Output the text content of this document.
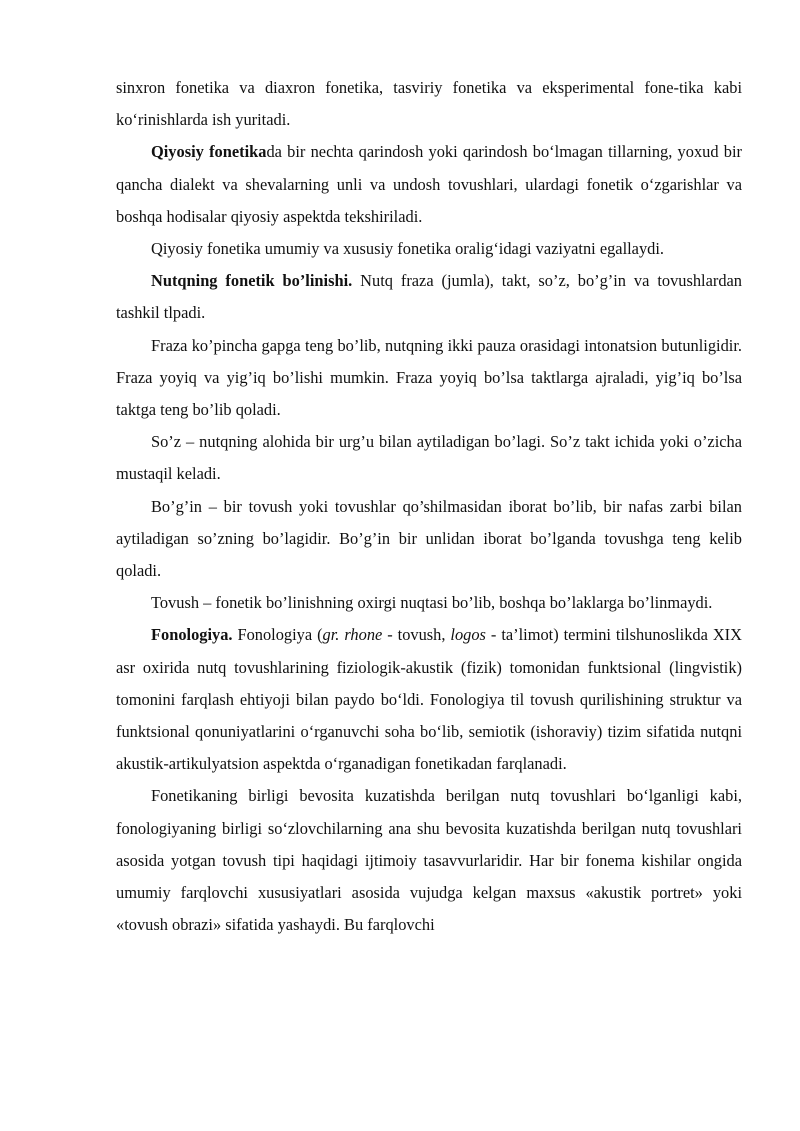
sinxron fonetika va diaxron fonetika, tasviriy fonetika va eksperimental fone-tika kabi ko‘rinishlarda ish yuritadi.

Qiyosiy fonetikada bir nechta qarindosh yoki qarindosh bo‘lmagan tillarning, yoxud bir qancha dialekt va shevalarning unli va undosh tovushlari, ulardagi fonetik o‘zgarishlar va boshqa hodisalar qiyosiy aspektda tekshiriladi.

Qiyosiy fonetika umumiy va xususiy fonetika oralig‘idagi vaziyatni egallaydi.

Nutqning fonetik bo’linishi. Nutq fraza (jumla), takt, so’z, bo’g’in va tovushlardan tashkil tlpadi.

Fraza ko’pincha gapga teng bo’lib, nutqning ikki pauza orasidagi intonatsion butunligidir. Fraza yoyiq va yig’iq bo’lishi mumkin. Fraza yoyiq bo’lsa taktlarga ajraladi, yig’iq bo’lsa taktga teng bo’lib qoladi.

So’z – nutqning alohida bir urg’u bilan aytiladigan bo’lagi. So’z takt ichida yoki o’zicha mustaqil keladi.

Bo’g’in – bir tovush yoki tovushlar qo’shilmasidan iborat bo’lib, bir nafas zarbi bilan aytiladigan so’zning bo’lagidir. Bo’g’in bir unlidan iborat bo’lganda tovushga teng kelib qoladi.

Tovush – fonetik bo’linishning oxirgi nuqtasi bo’lib, boshqa bo’laklarga bo’linmaydi.

Fonologiya. Fonologiya (gr. rhone - tovush, logos - ta’limot) termini tilshunoslikda XIX asr oxirida nutq tovushlarining fiziologik-akustik (fizik) tomonidan funktsional (lingvistik) tomonini farqlash ehtiyoji bilan paydo bo‘ldi. Fonologiya til tovush qurilishining struktur va funktsional qonuniyatlarini o‘rganuvchi soha bo‘lib, semiotik (ishoraviy) tizim sifatida nutqni akustik-artikulyatsion aspektda o‘rganadigan fonetikadan farqlanadi.

Fonetikaning birligi bevosita kuzatishda berilgan nutq tovushlari bo‘lganligi kabi, fonologiyaning birligi so‘zlovchilarning ana shu bevosita kuzatishda berilgan nutq tovushlari asosida yotgan tovush tipi haqidagi ijtimoiy tasavvurlaridir. Har bir fonema kishilar ongida umumiy farqlovchi xususiyatlari asosida vujudga kelgan maxsus «akustik portret» yoki «tovush obrazi» sifatida yashaydi. Bu farqlovchi
